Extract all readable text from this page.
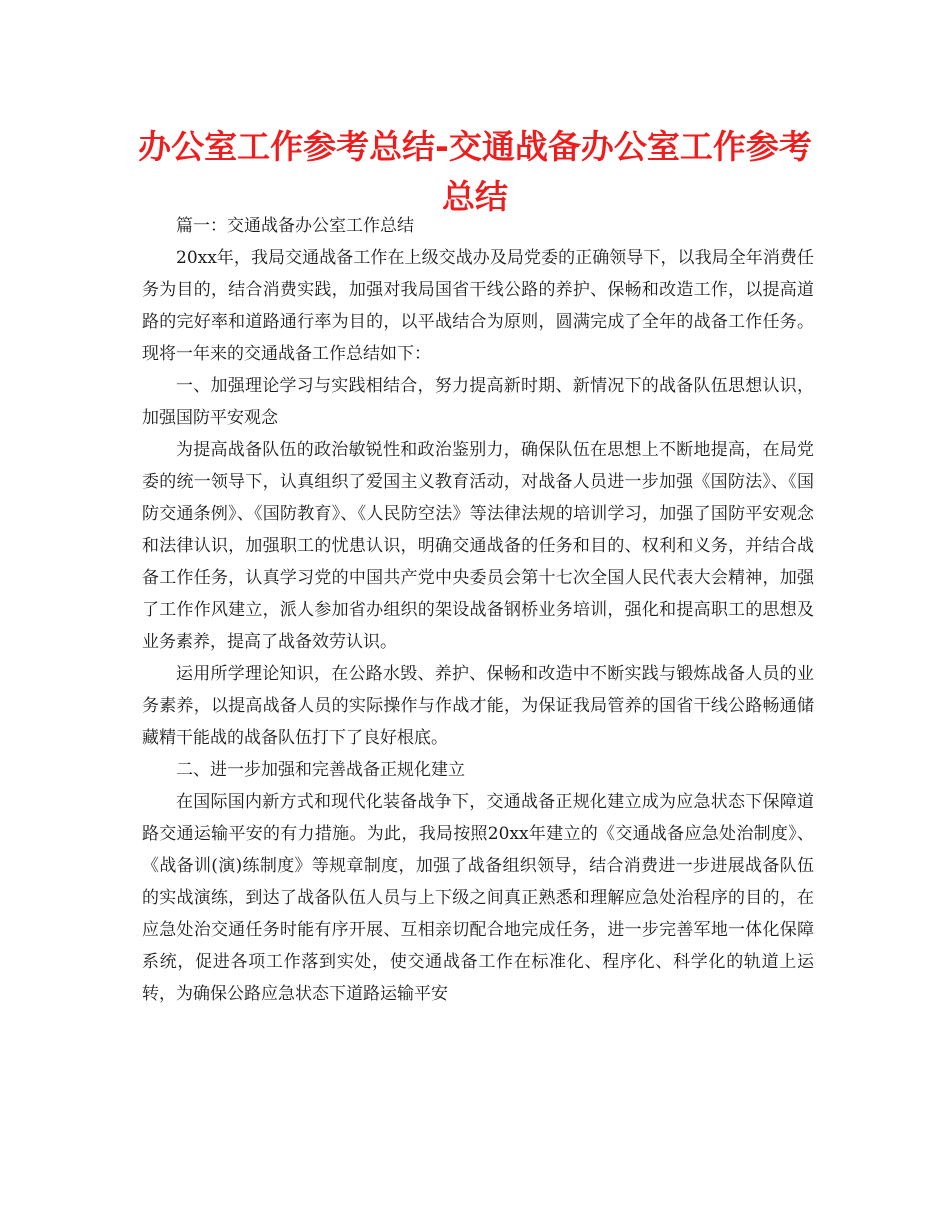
办公室工作参考总结-交通战备办公室工作参考总结

篇一：交通战备办公室工作总结

20xx年，我局交通战备工作在上级交战办及局党委的正确领导下，以我局全年消费任务为目的，结合消费实践，加强对我局国省干线公路的养护、保畅和改造工作，以提高道路的完好率和道路通行率为目的，以平战结合为原则，圆满完成了全年的战备工作任务。现将一年来的交通战备工作总结如下：

一、加强理论学习与实践相结合，努力提高新时期、新情况下的战备队伍思想认识，加强国防平安观念

为提高战备队伍的政治敏锐性和政治鉴别力，确保队伍在思想上不断地提高，在局党委的统一领导下，认真组织了爱国主义教育活动，对战备人员进一步加强《国防法》、《国防交通条例》、《国防教育》、《人民防空法》等法律法规的培训学习，加强了国防平安观念和法律认识，加强职工的忧患认识，明确交通战备的任务和目的、权利和义务，并结合战备工作任务，认真学习党的中国共产党中央委员会第十七次全国人民代表大会精神，加强了工作作风建立，派人参加省办组织的架设战备钢桥业务培训，强化和提高职工的思想及业务素养，提高了战备效劳认识。

运用所学理论知识，在公路水毁、养护、保畅和改造中不断实践与锻炼战备人员的业务素养，以提高战备人员的实际操作与作战才能，为保证我局管养的国省干线公路畅通储藏精干能战的战备队伍打下了良好根底。

二、进一步加强和完善战备正规化建立

在国际国内新方式和现代化装备战争下，交通战备正规化建立成为应急状态下保障道路交通运输平安的有力措施。为此，我局按照20xx年建立的《交通战备应急处治制度》、《战备训(演)练制度》等规章制度，加强了战备组织领导，结合消费进一步进展战备队伍的实战演练，到达了战备队伍人员与上下级之间真正熟悉和理解应急处治程序的目的，在应急处治交通任务时能有序开展、互相亲切配合地完成任务，进一步完善军地一体化保障系统，促进各项工作落到实处，使交通战备工作在标准化、程序化、科学化的轨道上运转，为确保公路应急状态下道路运输平安
